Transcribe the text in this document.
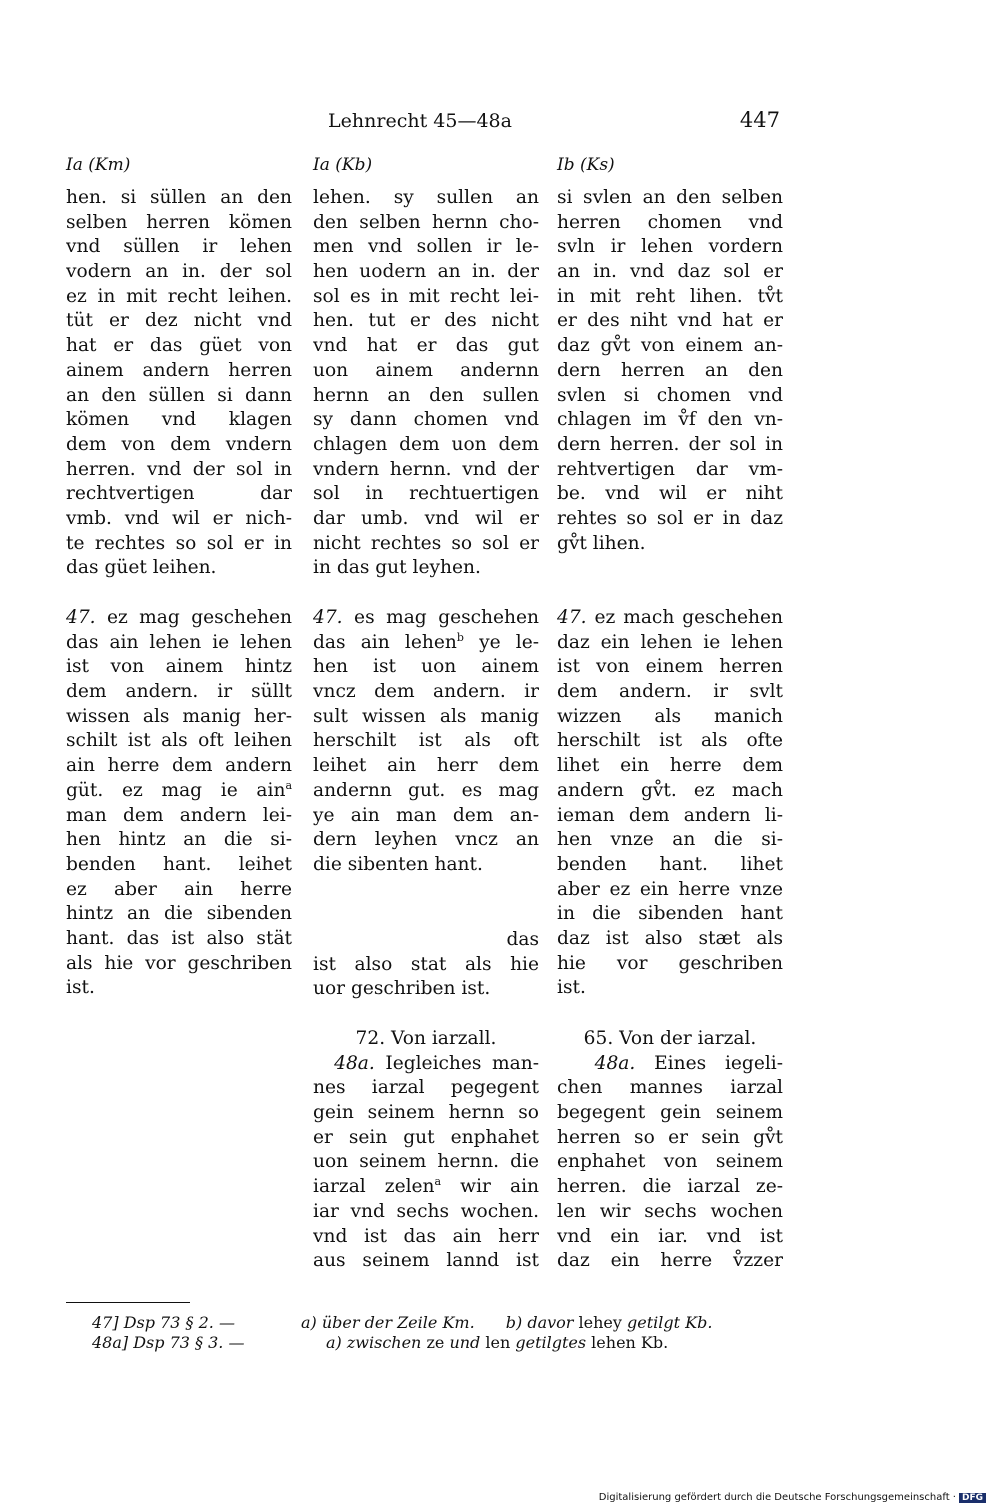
Lehnrecht 45—48a	447
Ia (Km)	Ia (Kb)	Ib (Ks)
hen. si süllen an den
selben herren kömen
vnd süllen ir lehen
vodern an in. der sol
ez in mit recht leihen.
tüt er dez nicht vnd
hat er das güet von
ainem andern herren
an den süllen si dann
kömen vnd klagen
dem von dem vndern
herren. vnd der sol in
rechtvertigen dar
vmb. vnd wil er nich-
te rechtes so sol er in
das güet leihen.
47. ez mag geschehen
das ain lehen ie lehen
ist von ainem hintz
dem andern. ir süllt
wissen als manig her-
schilt ist als oft leihen
ain herre dem andern
güt. ez mag ie ain$^a$
man dem andern lei-
hen hintz an die si-
benden hant. leihet
ez aber ain herre
hintz an die sibenden
hant. das ist also stät
als hie vor geschriben
ist.
lehen. sy sullen an
den selben hernn cho-
men vnd sollen ir le-
hen uodern an in. der
sol es in mit recht lei-
hen. tut er des nicht
vnd hat er das gut
uon ainem andernn
hernn an den sullen
sy dann chomen vnd
chlagen dem uon dem
vndern hernn. vnd der
sol in rechtuertigen
dar umb. vnd wil er
nicht rechtes so sol er
in das gut leyhen.
47. es mag geschehen
das ain lehen$^b$ ye le-
hen ist uon ainem
vncz dem andern. ir
sult wissen als manig
herschilt ist als oft
leihet ain herr dem
andernn gut. es mag
ye ain man dem an-
dern leyhen vncz an
die sibenten hant.
das
ist also stat als hie
uor geschriben ist.
72. Von iarzall.
48a. Iegleiches man-
nes iarzal pegegent
gein seinem hernn so
er sein gut enphahet
uon seinem hernn. die
iarzal zelen$^a$ wir ain
iar vnd sechs wochen.
vnd ist das ain herr
aus seinem lannd ist
si svlen an den selben
herren chomen vnd
svln ir lehen vordern
an in. vnd daz sol er
in mit reht lihen. tv̊t
er des niht vnd hat er
daz gv̊t von einem an-
dern herren an den
svlen si chomen vnd
chlagen im v̊f den vn-
dern herren. der sol in
rehtvertigen dar vm-
be. vnd wil er niht
rehtes so sol er in daz
gv̊t lihen.
47. ez mach geschehen
daz ein lehen ie lehen
ist von einem herren
dem andern. ir svlt
wizzen als manich
herschilt ist als ofte
lihet ein herre dem
andern gv̊t. ez mach
ieman dem andern li-
hen vnze an die si-
benden hant. lihet
aber ez ein herre vnze
in die sibenden hant
daz ist also stæt als
hie vor geschriben
ist.
65. Von der iarzal.
48a. Eines iegeli-
chen mannes iarzal
begegent gein seinem
herren so er sein gv̊t
enphahet von seinem
herren. die iarzal ze-
len wir sechs wochen
vnd ein iar. vnd ist
daz ein herre v̊zzer
47] Dsp 73 § 2. —
48a] Dsp 73 § 3. —
a) über der Zeile Km. b) davor lehey getilgt Kb.
a) zwischen ze und len getilgtes lehen Kb.
Digitalisierung gefördert durch die Deutsche Forschungsgemeinschaft · DFG
